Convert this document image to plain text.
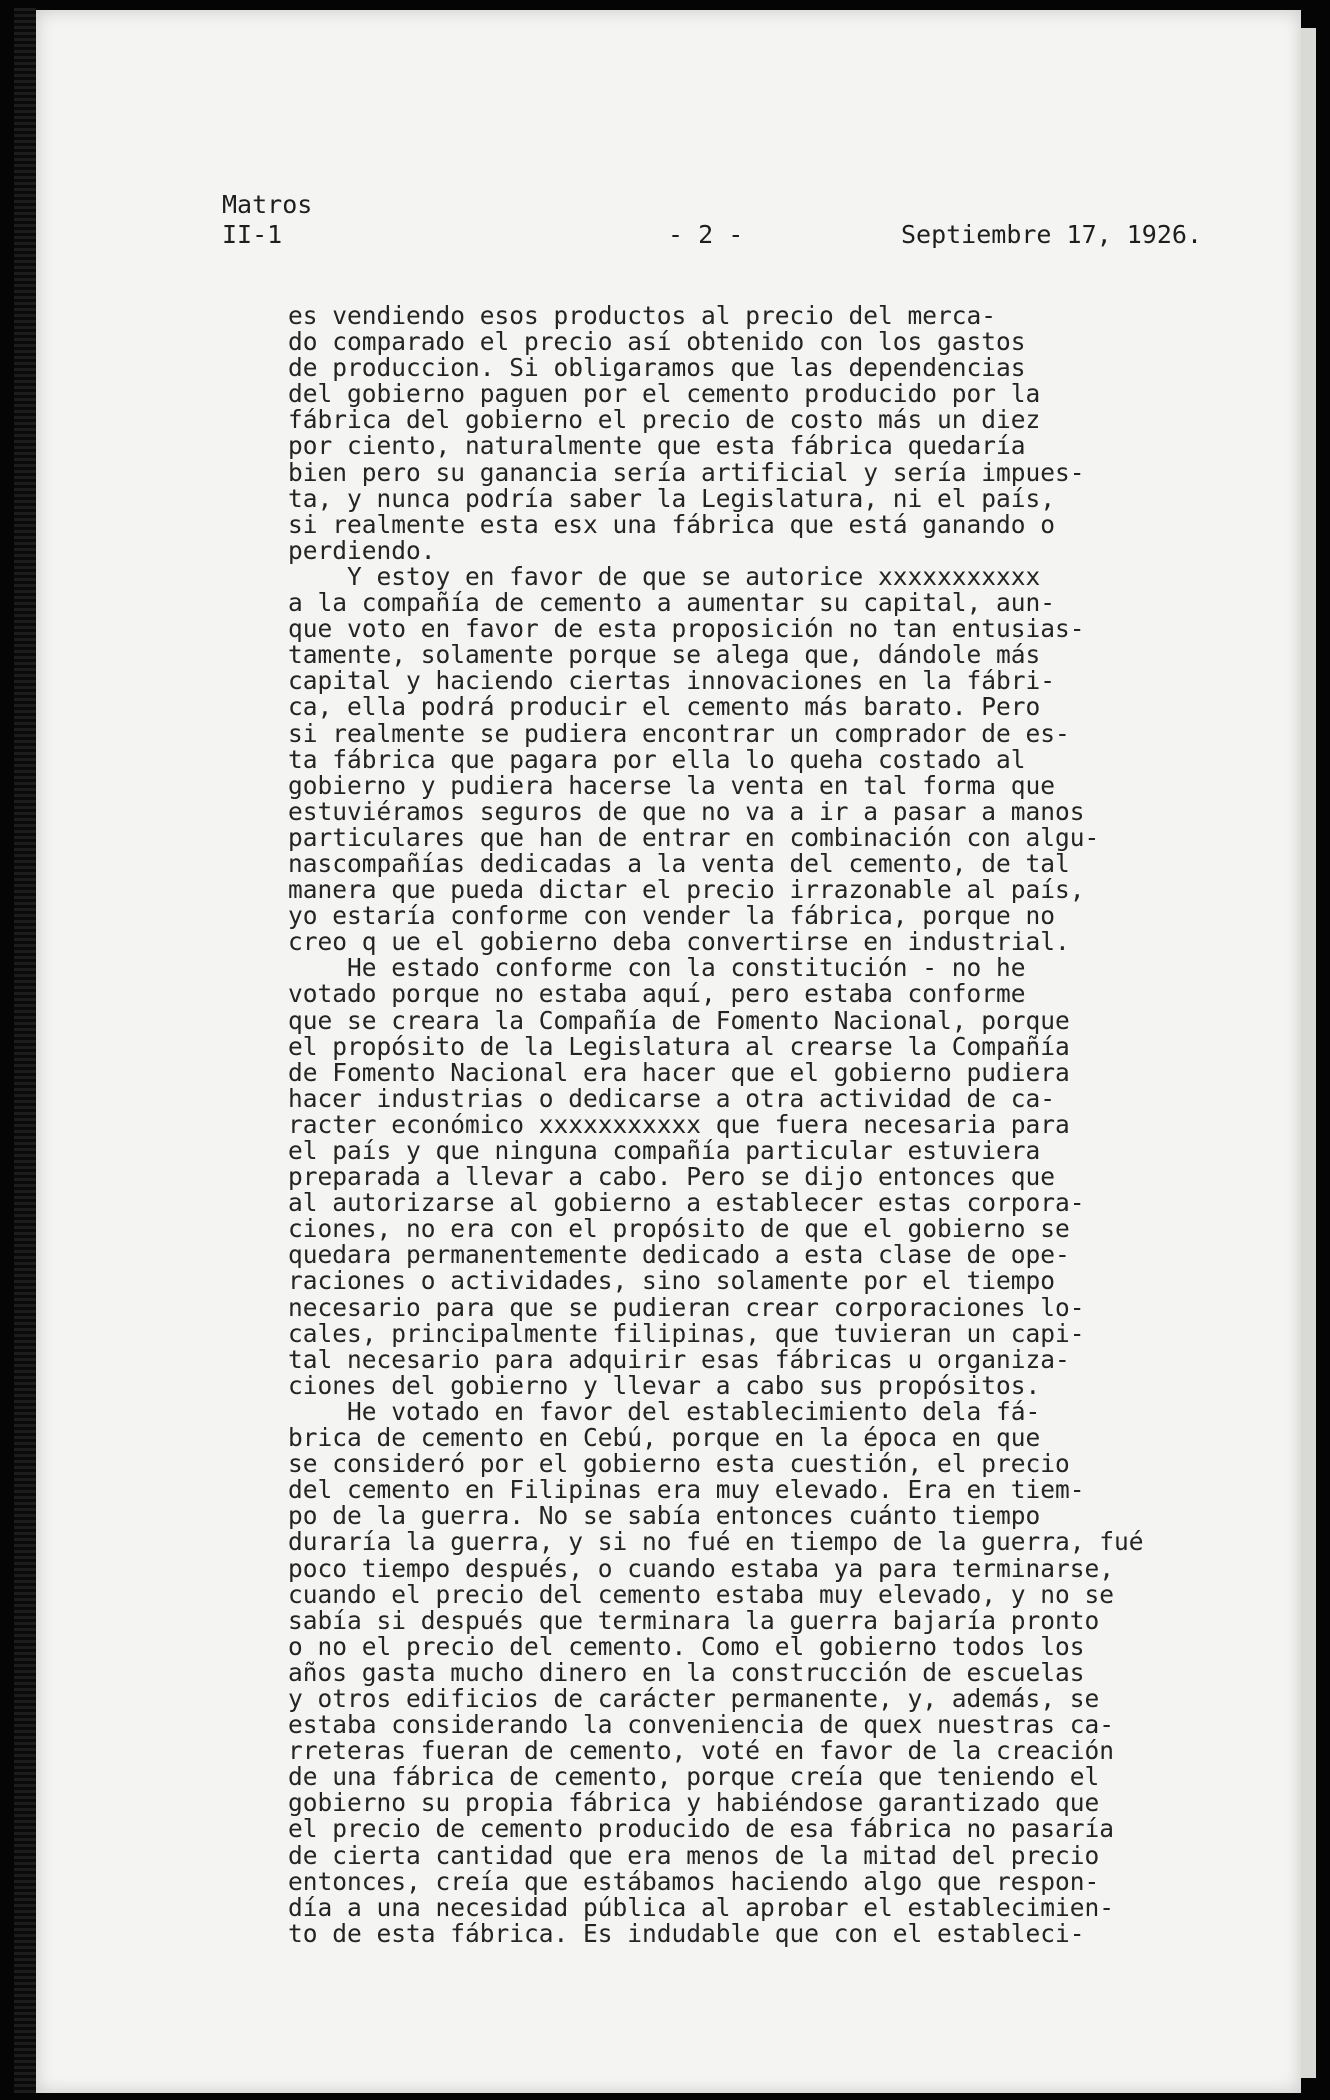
Matros
II-1	- 2 -	Septiembre 17, 1926.
es vendiendo esos productos al precio del merca-
do comparado el precio así obtenido con los gastos
de produccion. Si obligaramos que las dependencias
del gobierno paguen por el cemento producido por la
fábrica del gobierno el precio de costo más un diez
por ciento, naturalmente que esta fábrica quedaría
bien pero su ganancia sería artificial y sería impues-
ta, y nunca podría saber la Legislatura, ni el país,
si realmente esta esx una fábrica que está ganando o
perdiendo.
Y estoy en favor de que se autorice xxxxxxxxxxx
a la compañía de cemento a aumentar su capital, aun-
que voto en favor de esta proposición no tan entusias-
tamente, solamente porque se alega que, dándole más
capital y haciendo ciertas innovaciones en la fábri-
ca, ella podrá producir el cemento más barato. Pero
si realmente se pudiera encontrar un comprador de es-
ta fábrica que pagara por ella lo queha costado al
gobierno y pudiera hacerse la venta en tal forma que
estuviéramos seguros de que no va a ir a pasar a manos
particulares que han de entrar en combinación con algu-
nascompañías dedicadas a la venta del cemento, de tal
manera que pueda dictar el precio irrazonable al país,
yo estaría conforme con vender la fábrica, porque no
creo q ue el gobierno deba convertirse en industrial.
He estado conforme con la constitución - no he
votado porque no estaba aquí, pero estaba conforme
que se creara la Compañía de Fomento Nacional, porque
el propósito de la Legislatura al crearse la Compañía
de Fomento Nacional era hacer que el gobierno pudiera
hacer industrias o dedicarse a otra actividad de ca-
racter económico xxxxxxxxxxx que fuera necesaria para
el país y que ninguna compañía particular estuviera
preparada a llevar a cabo. Pero se dijo entonces que
al autorizarse al gobierno a establecer estas corpora-
ciones, no era con el propósito de que el gobierno se
quedara permanentemente dedicado a esta clase de ope-
raciones o actividades, sino solamente por el tiempo
necesario para que se pudieran crear corporaciones lo-
cales, principalmente filipinas, que tuvieran un capi-
tal necesario para adquirir esas fábricas u organiza-
ciones del gobierno y llevar a cabo sus propósitos.
He votado en favor del establecimiento dela fá-
brica de cemento en Cebú, porque en la época en que
se consideró por el gobierno esta cuestión, el precio
del cemento en Filipinas era muy elevado. Era en tiem-
po de la guerra. No se sabía entonces cuánto tiempo
duraría la guerra, y si no fué en tiempo de la guerra, fué
poco tiempo después, o cuando estaba ya para terminarse,
cuando el precio del cemento estaba muy elevado, y no se
sabía si después que terminara la guerra bajaría pronto
o no el precio del cemento. Como el gobierno todos los
años gasta mucho dinero en la construcción de escuelas
y otros edificios de carácter permanente, y, además, se
estaba considerando la conveniencia de quex nuestras ca-
rreteras fueran de cemento, voté en favor de la creación
de una fábrica de cemento, porque creía que teniendo el
gobierno su propia fábrica y habiéndose garantizado que
el precio de cemento producido de esa fábrica no pasaría
de cierta cantidad que era menos de la mitad del precio
entonces, creía que estábamos haciendo algo que respon-
día a una necesidad pública al aprobar el establecimien-
to de esta fábrica. Es indudable que con el estableci-
